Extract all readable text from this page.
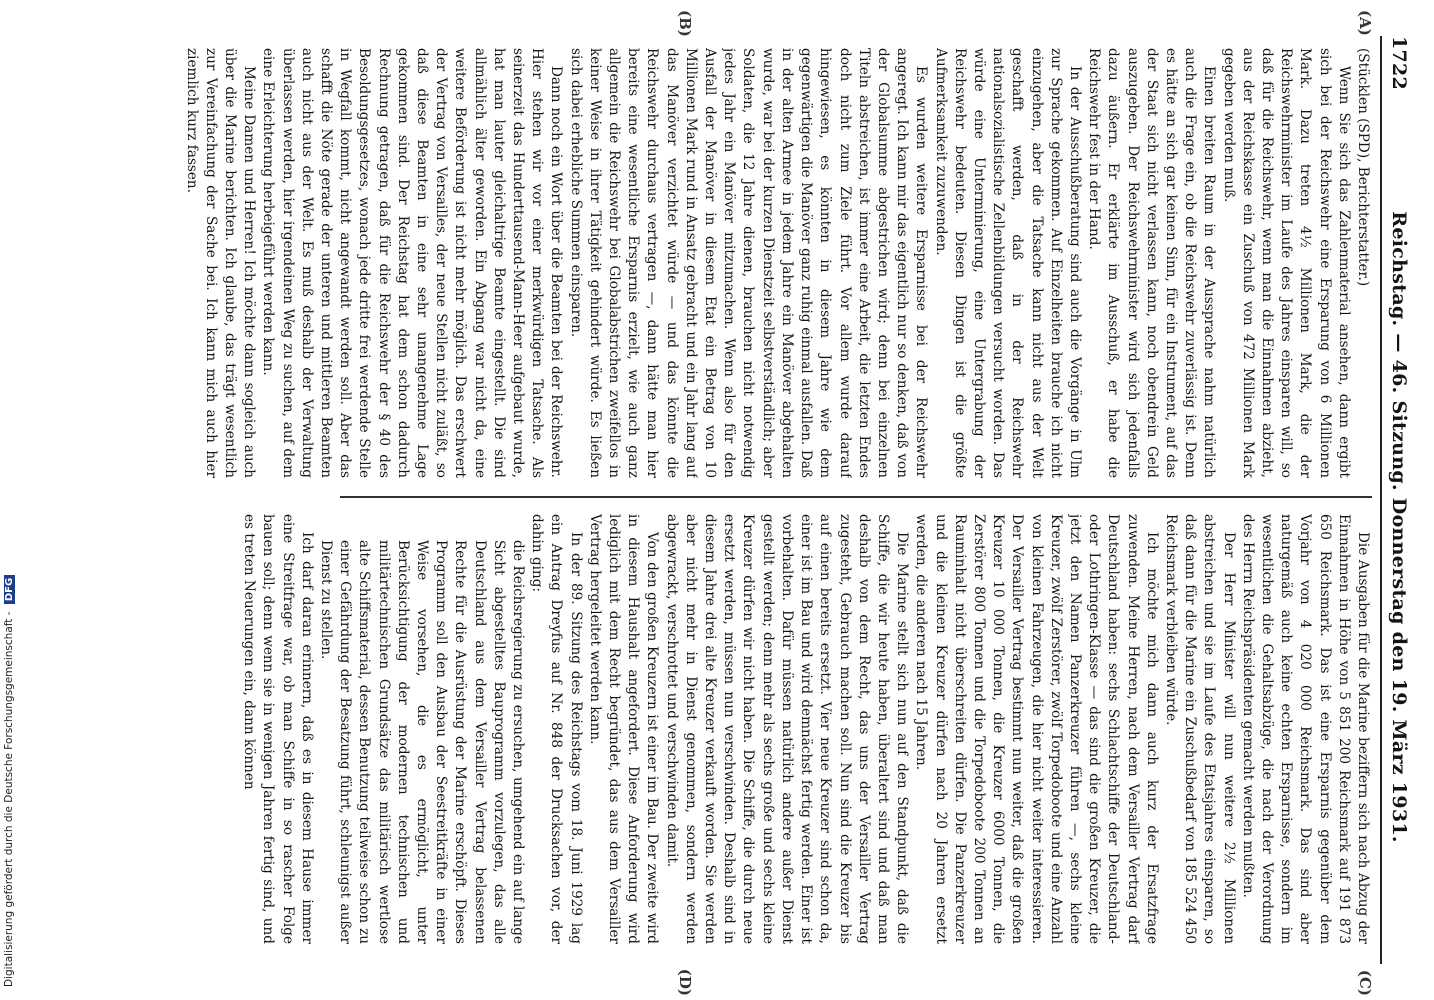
1722
Reichstag. — 46. Sitzung. Donnerstag den 19. März 1931.
(A)
(B)
(C)
(D)

(Stücklen (SPD), Berichterstatter.)

Wenn Sie sich das Zahlenmaterial ansehen, dann ergibt sich bei der Reichswehr eine Ersparung von 6 Millionen Mark. Dazu treten 4½ Millionen Mark, die der Reichswehrminister im Laufe des Jahres einsparen will, so daß für die Reichswehr, wenn man die Einnahmen abzieht, aus der Reichskasse ein Zuschuß von 472 Millionen Mark gegeben werden muß.

Einen breiten Raum in der Aussprache nahm natürlich auch die Frage ein, ob die Reichswehr zuverlässig ist. Denn es hätte an sich gar keinen Sinn, für ein Instrument, auf das der Staat sich nicht verlassen kann, noch obendrein Geld auszugeben. Der Reichswehrminister wird sich jedenfalls dazu äußern. Er erklärte im Ausschuß, er habe die Reichswehr fest in der Hand.

In der Ausschußberatung sind auch die Vorgänge in Ulm zur Sprache gekommen. Auf Einzelheiten brauche ich nicht einzugehen, aber die Tatsache kann nicht aus der Welt geschafft werden, daß in der Reichswehr nationalsozialistische Zellenbildungen versucht worden. Das würde eine Unterminierung, eine Untergrabung der Reichswehr bedeuten. Diesen Dingen ist die größte Aufmerksamkeit zuzuwenden.

Es wurden weitere Ersparnisse bei der Reichswehr angeregt. Ich kann mir das eigentlich nur so denken, daß von der Globalsumme abgestrichen wird; denn bei einzelnen Titeln abstreichen, ist immer eine Arbeit, die letzten Endes doch nicht zum Ziele führt. Vor allem wurde darauf hingewiesen, es könnten in diesem Jahre wie dem gegenwärtigen die Manöver ganz ruhig einmal ausfallen. Daß in der alten Armee in jedem Jahre ein Manöver abgehalten wurde, war bei der kurzen Dienstzeit selbstverständlich; aber Soldaten, die 12 Jahre dienen, brauchen nicht notwendig jedes Jahr ein Manöver mitzumachen. Wenn also für den Ausfall der Manöver in diesem Etat ein Betrag von 10 Millionen Mark rund in Ansatz gebracht und ein Jahr lang auf das Manöver verzichtet würde — und das könnte die Reichswehr durchaus vertragen —, dann hätte man hier bereits eine wesentliche Ersparnis erzielt, wie auch ganz allgemein die Reichswehr bei Globalabstrichen zweifellos in keiner Weise in ihrer Tätigkeit gehindert würde. Es ließen sich dabei erhebliche Summen einsparen.

Dann noch ein Wort über die Beamten bei der Reichswehr. Hier stehen wir vor einer merkwürdigen Tatsache. Als seinerzeit das Hunderttausend-Mann-Heer aufgebaut wurde, hat man lauter gleichaltrige Beamte eingestellt. Die sind allmählich älter geworden. Ein Abgang war nicht da, eine weitere Beförderung ist nicht mehr möglich. Das erschwert der Vertrag von Versailles, der neue Stellen nicht zuläßt, so daß diese Beamten in eine sehr unangenehme Lage gekommen sind. Der Reichstag hat dem schon dadurch Rechnung getragen, daß für die Reichswehr der § 40 des Besoldungsgesetzes, wonach jede dritte frei werdende Stelle in Wegfall kommt, nicht angewandt werden soll. Aber das schafft die Nöte gerade der unteren und mittleren Beamten auch nicht aus der Welt. Es muß deshalb der Verwaltung überlassen werden, hier irgendeinen Weg zu suchen, auf dem eine Erleichterung herbeigeführt werden kann.

Meine Damen und Herren! Ich möchte dann sogleich auch über die Marine berichten. Ich glaube, das trägt wesentlich zur Vereinfachung der Sache bei. Ich kann mich auch hier ziemlich kurz fassen.

Die Ausgaben für die Marine beziffern sich nach Abzug der Einnahmen in Höhe von 5 851 200 Reichsmark auf 191 873 650 Reichsmark. Das ist eine Ersparnis gegenüber dem Vorjahr von 4 020 000 Reichsmark. Das sind aber naturgemäß auch keine echten Ersparnisse, sondern im wesentlichen die Gehaltsabzüge, die nach der Verordnung des Herrn Reichspräsidenten gemacht werden mußten.

Der Herr Minister will nun weitere 2½ Millionen abstreichen und sie im Laufe des Etatsjahres einsparen, so daß dann für die Marine ein Zuschußbedarf von 185 524 450 Reichsmark verbleiben würde.

Ich möchte mich dann auch kurz der Ersatzfrage zuwenden. Meine Herren, nach dem Versailler Vertrag darf Deutschland haben: sechs Schlachtschiffe der Deutschland- oder Lothringen-Klasse — das sind die großen Kreuzer, die jetzt den Namen Panzerkreuzer führen —, sechs kleine Kreuzer, zwölf Zerstörer, zwölf Torpedoboote und eine Anzahl von kleinen Fahrzeugen, die hier nicht weiter interessieren. Der Versailler Vertrag bestimmt nun weiter, daß die großen Kreuzer 10 000 Tonnen, die Kreuzer 6000 Tonnen, die Zerstörer 800 Tonnen und die Torpedoboote 200 Tonnen an Rauminhalt nicht überschreiten dürfen. Die Panzerkreuzer und die kleinen Kreuzer dürfen nach 20 Jahren ersetzt werden, die anderen nach 15 Jahren.

Die Marine stellt sich nun auf den Standpunkt, daß die Schiffe, die wir heute haben, überaltert sind und daß man deshalb von dem Recht, das uns der Versailler Vertrag zugesteht, Gebrauch machen soll. Nun sind die Kreuzer bis auf einen bereits ersetzt. Vier neue Kreuzer sind schon da, einer ist im Bau und wird demnächst fertig werden. Einer ist vorbehalten. Dafür müssen natürlich andere außer Dienst gestellt werden; denn mehr als sechs große und sechs kleine Kreuzer dürfen wir nicht haben. Die Schiffe, die durch neue ersetzt werden, müssen nun verschwinden. Deshalb sind in diesem Jahre drei alte Kreuzer verkauft worden. Sie werden aber nicht mehr in Dienst genommen, sondern werden abgewrackt, verschrottet und verschwinden damit.

Von den großen Kreuzern ist einer im Bau. Der zweite wird in diesem Haushalt angefordert. Diese Anforderung wird lediglich mit dem Recht begründet, das aus dem Versailler Vertrag hergeleitet werden kann.

In der 89. Sitzung des Reichstags vom 18. Juni 1929 lag ein Antrag Dreyfus auf Nr. 848 der Drucksachen vor, der dahin ging:

die Reichsregierung zu ersuchen, umgehend ein auf lange Sicht abgestelltes Bauprogramm vorzulegen, das alle Deutschland aus dem Versailler Vertrag belassenen Rechte für die Ausrüstung der Marine erschöpft. Dieses Programm soll den Ausbau der Seestreitkräfte in einer Weise vorsehen, die es ermöglicht, unter Berücksichtigung der modernen technischen und militärtechnischen Grundsätze das militärisch wertlose alte Schiffsmaterial, dessen Benutzung teilweise schon zu einer Gefährdung der Besatzung führt, schleunigst außer Dienst zu stellen.

Ich darf daran erinnern, daß es in diesem Hause immer eine Streitfrage war, ob man Schiffe in so rascher Folge bauen soll; denn wenn sie in wenigen Jahren fertig sind, und es treten Neuerungen ein, dann können

Digitalisierung gefördert durch die Deutsche Forschungsgemeinschaft - DFG
